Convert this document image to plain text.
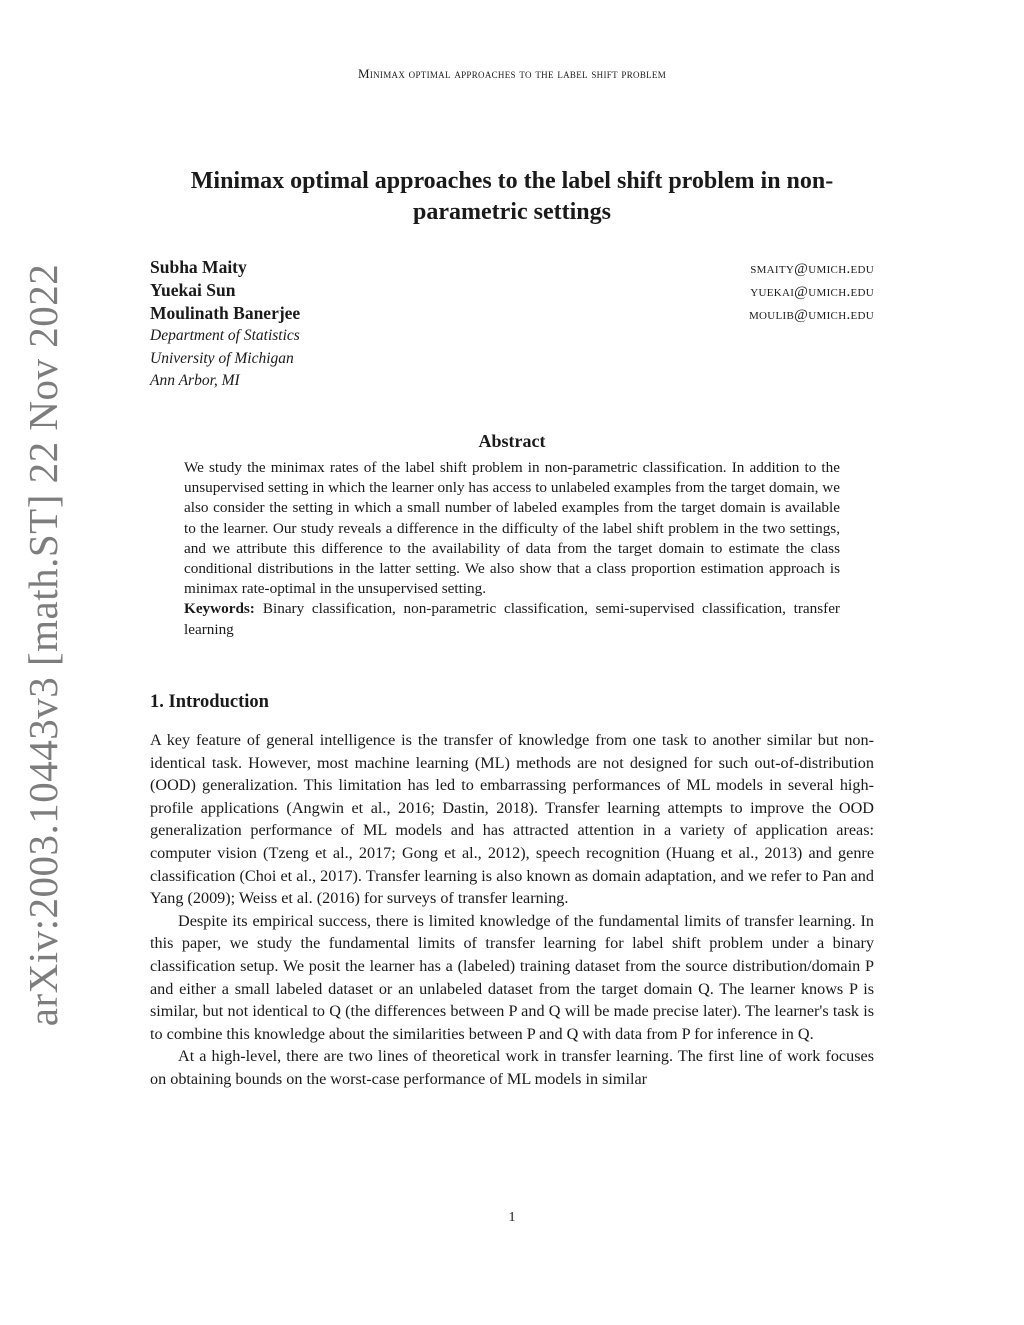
Minimax optimal approaches to the label shift problem
arXiv:2003.10443v3 [math.ST] 22 Nov 2022
Minimax optimal approaches to the label shift problem in non-parametric settings
Subha Maity	smaity@umich.edu
Yuekai Sun	yuekai@umich.edu
Moulinath Banerjee	moulib@umich.edu
Department of Statistics
University of Michigan
Ann Arbor, MI
Abstract

We study the minimax rates of the label shift problem in non-parametric classification. In addition to the unsupervised setting in which the learner only has access to unlabeled examples from the target domain, we also consider the setting in which a small number of labeled examples from the target domain is available to the learner. Our study reveals a difference in the difficulty of the label shift problem in the two settings, and we attribute this difference to the availability of data from the target domain to estimate the class conditional distributions in the latter setting. We also show that a class proportion estimation approach is minimax rate-optimal in the unsupervised setting.

Keywords: Binary classification, non-parametric classification, semi-supervised classification, transfer learning

1. Introduction

A key feature of general intelligence is the transfer of knowledge from one task to another similar but non-identical task. However, most machine learning (ML) methods are not designed for such out-of-distribution (OOD) generalization. This limitation has led to embarrassing performances of ML models in several high-profile applications (Angwin et al., 2016; Dastin, 2018). Transfer learning attempts to improve the OOD generalization performance of ML models and has attracted attention in a variety of application areas: computer vision (Tzeng et al., 2017; Gong et al., 2012), speech recognition (Huang et al., 2013) and genre classification (Choi et al., 2017). Transfer learning is also known as domain adaptation, and we refer to Pan and Yang (2009); Weiss et al. (2016) for surveys of transfer learning.

Despite its empirical success, there is limited knowledge of the fundamental limits of transfer learning. In this paper, we study the fundamental limits of transfer learning for label shift problem under a binary classification setup. We posit the learner has a (labeled) training dataset from the source distribution/domain P and either a small labeled dataset or an unlabeled dataset from the target domain Q. The learner knows P is similar, but not identical to Q (the differences between P and Q will be made precise later). The learner's task is to combine this knowledge about the similarities between P and Q with data from P for inference in Q.

At a high-level, there are two lines of theoretical work in transfer learning. The first line of work focuses on obtaining bounds on the worst-case performance of ML models in similar

1
